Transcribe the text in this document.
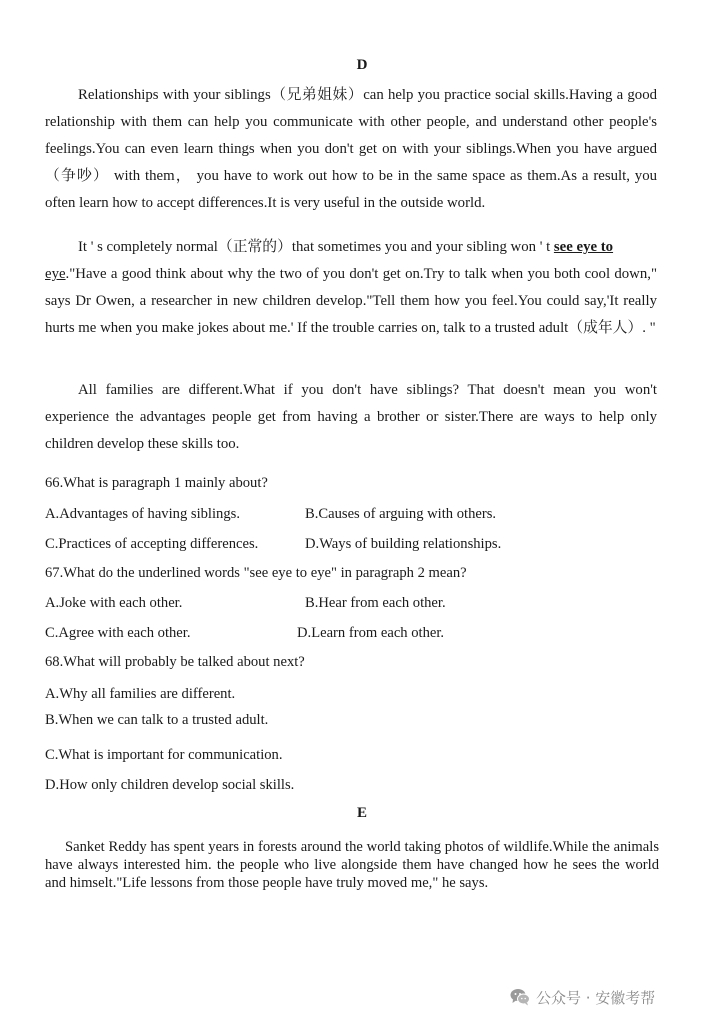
D

Relationships with your siblings（兄弟姐妹）can help you practice social skills.Having a good relationship with them can help you communicate with other people, and understand other people's feelings.You can even learn things when you don't get on with your siblings.When you have argued （争吵） with them， you have to work out how to be in the same space as them.As a result, you often learn how to accept differences.It is very useful in the outside world.

It ' s completely normal（正常的）that sometimes you and your sibling won ' t see eye to
eye."Have a good think about why the two of you don't get on.Try to talk when you both cool down," says Dr Owen, a researcher in new children develop."Tell them how you feel.You could say,'It really hurts me when you make jokes about me.' If the trouble carries on, talk to a trusted adult（成年人）. "

All families are different.What if you don't have siblings? That doesn't mean you won't experience the advantages people get from having a brother or sister.There are ways to help only children develop these skills too.

66.What is paragraph 1 mainly about?
A.Advantages of having siblings.	B.Causes of arguing with others.
C.Practices of accepting differences.	D.Ways of building relationships.
67.What do the underlined words "see eye to eye" in paragraph 2 mean?
A.Joke with each other.	B.Hear from each other.
C.Agree with each other.	D.Learn from each other.
68.What will probably be talked about next?
A.Why all families are different.
B.When we can talk to a trusted adult.
C.What is important for communication.
D.How only children develop social skills.
E

Sanket Reddy has spent years in forests around the world taking photos of wildlife.While the animals have always interested him. the people who live alongside them have changed how he sees the world and himselt."Life lessons from those people have truly moved me," he says.

公众号 · 安徽考帮
